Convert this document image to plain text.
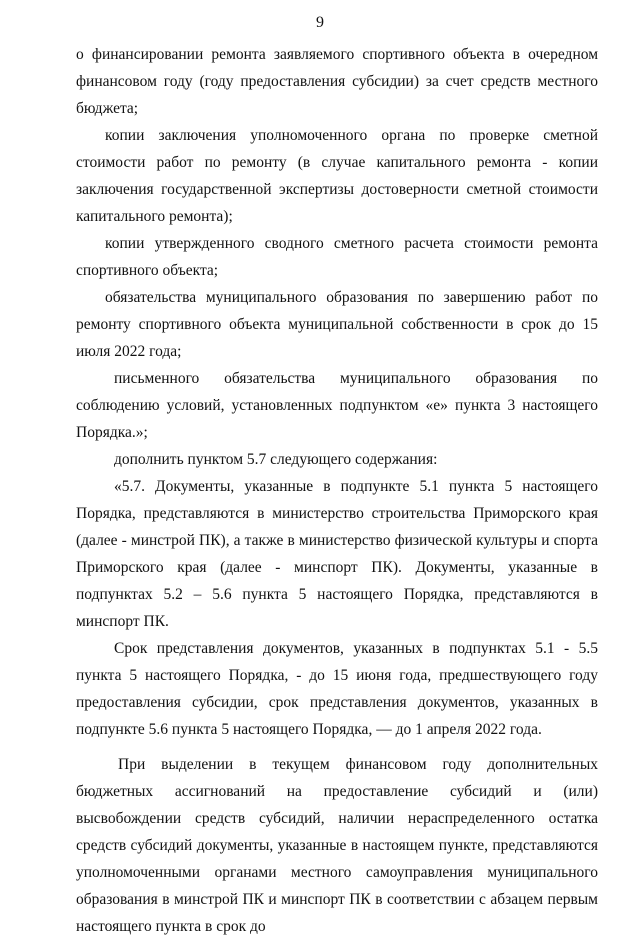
9

о финансировании ремонта заявляемого спортивного объекта в очередном финансовом году (году предоставления субсидии) за счет средств местного бюджета;

копии заключения уполномоченного органа по проверке сметной стоимости работ по ремонту (в случае капитального ремонта - копии заключения государственной экспертизы достоверности сметной стоимости капитального ремонта);

копии утвержденного сводного сметного расчета стоимости ремонта спортивного объекта;

обязательства муниципального образования по завершению работ по ремонту спортивного объекта муниципальной собственности в срок до 15 июля 2022 года;

письменного обязательства муниципального образования по соблюдению условий, установленных подпунктом «е» пункта 3 настоящего Порядка.»;

дополнить пунктом 5.7 следующего содержания:

«5.7. Документы, указанные в подпункте 5.1 пункта 5 настоящего Порядка, представляются в министерство строительства Приморского края (далее - минстрой ПК), а также в министерство физической культуры и спорта Приморского края (далее - минспорт ПК). Документы, указанные в подпунктах 5.2 – 5.6 пункта 5 настоящего Порядка, представляются в минспорт ПК.

Срок представления документов, указанных в подпунктах 5.1 - 5.5 пункта 5 настоящего Порядка, - до 15 июня года, предшествующего году предоставления субсидии, срок представления документов, указанных в подпункте 5.6 пункта 5 настоящего Порядка, — до 1 апреля 2022 года.

При выделении в текущем финансовом году дополнительных бюджетных ассигнований на предоставление субсидий и (или) высвобождении средств субсидий, наличии нераспределенного остатка средств субсидий документы, указанные в настоящем пункте, представляются уполномоченными органами местного самоуправления муниципального образования в минстрой ПК и минспорт ПК в соответствии с абзацем первым настоящего пункта в срок до
